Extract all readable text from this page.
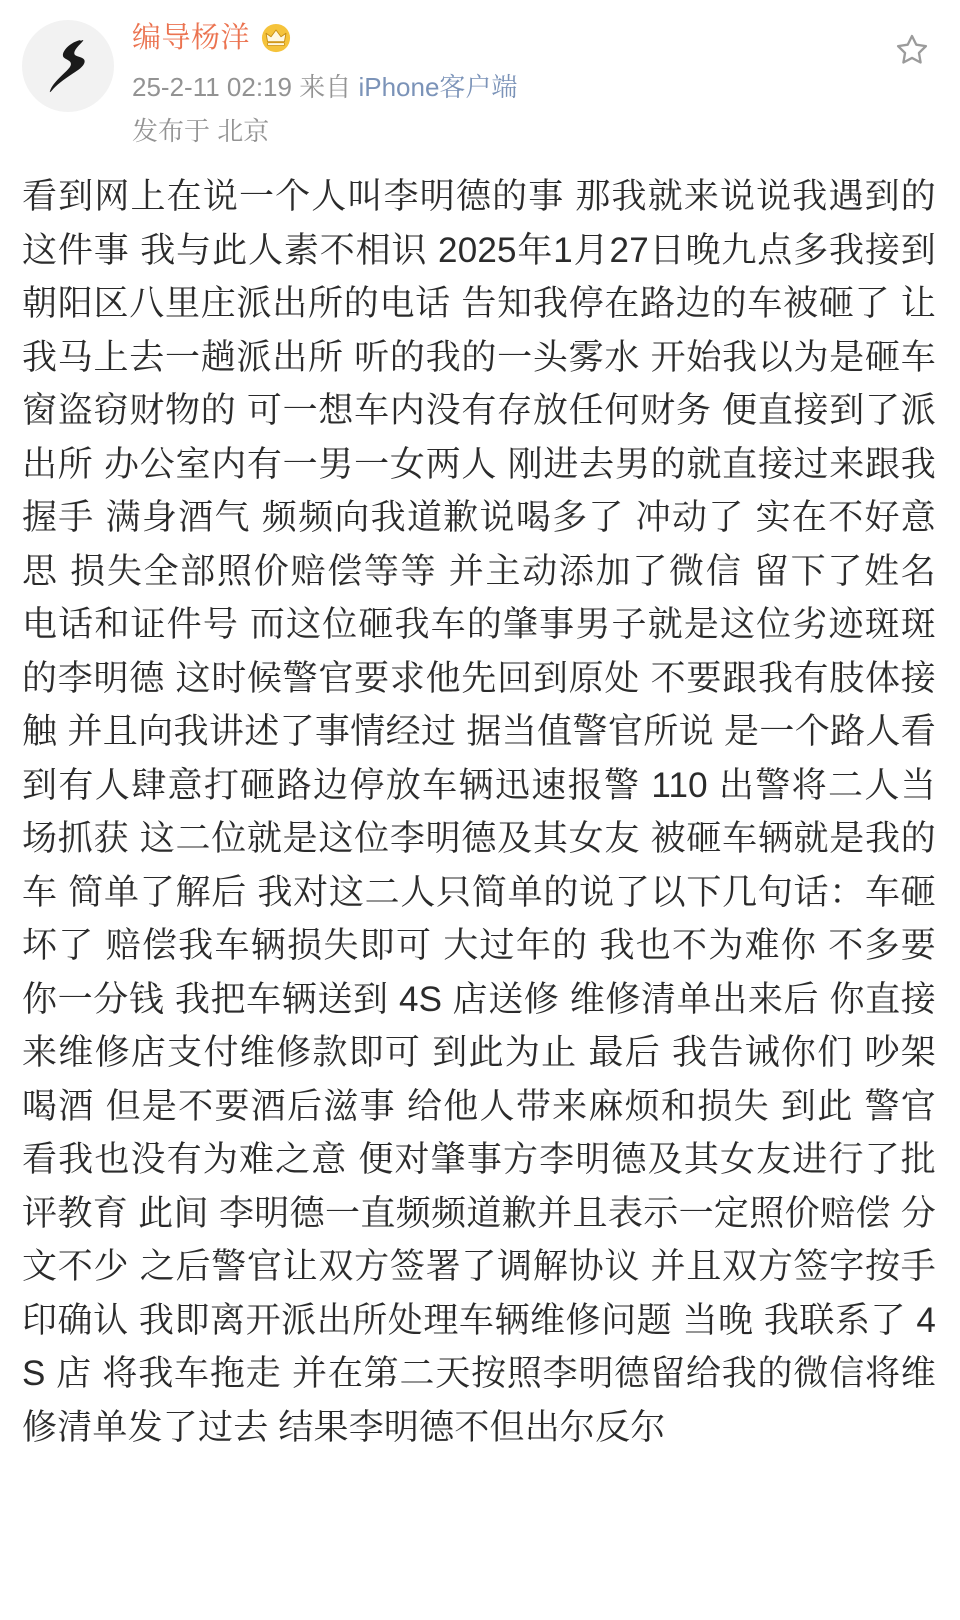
编导杨洋
25-2-11 02:19 来自 iPhone客户端
发布于 北京
看到网上在说一个人叫李明德的事 那我就来说说我遇到的这件事 我与此人素不相识 2025年1月27日晚九点多我接到朝阳区八里庄派出所的电话 告知我停在路边的车被砸了 让我马上去一趟派出所 听的我的一头雾水 开始我以为是砸车窗盗窃财物的 可一想车内没有存放任何财务 便直接到了派出所 办公室内有一男一女两人 刚进去男的就直接过来跟我握手 满身酒气 频频向我道歉说喝多了 冲动了 实在不好意思 损失全部照价赔偿等等 并主动添加了微信 留下了姓名 电话和证件号 而这位砸我车的肇事男子就是这位劣迹斑斑的李明德 这时候警官要求他先回到原处 不要跟我有肢体接触 并且向我讲述了事情经过 据当值警官所说 是一个路人看到有人肆意打砸路边停放车辆迅速报警 110 出警将二人当场抓获 这二位就是这位李明德及其女友 被砸车辆就是我的车 简单了解后 我对这二人只简单的说了以下几句话：车砸坏了 赔偿我车辆损失即可 大过年的 我也不为难你 不多要你一分钱 我把车辆送到 4S 店送修 维修清单出来后 你直接来维修店支付维修款即可 到此为止 最后 我告诫你们 吵架喝酒 但是不要酒后滋事 给他人带来麻烦和损失 到此 警官看我也没有为难之意 便对肇事方李明德及其女友进行了批评教育 此间 李明德一直频频道歉并且表示一定照价赔偿 分文不少 之后警官让双方签署了调解协议 并且双方签字按手印确认 我即离开派出所处理车辆维修问题 当晚 我联系了 4S 店 将我车拖走 并在第二天按照李明德留给我的微信将维修清单发了过去 结果李明德不但出尔反尔
